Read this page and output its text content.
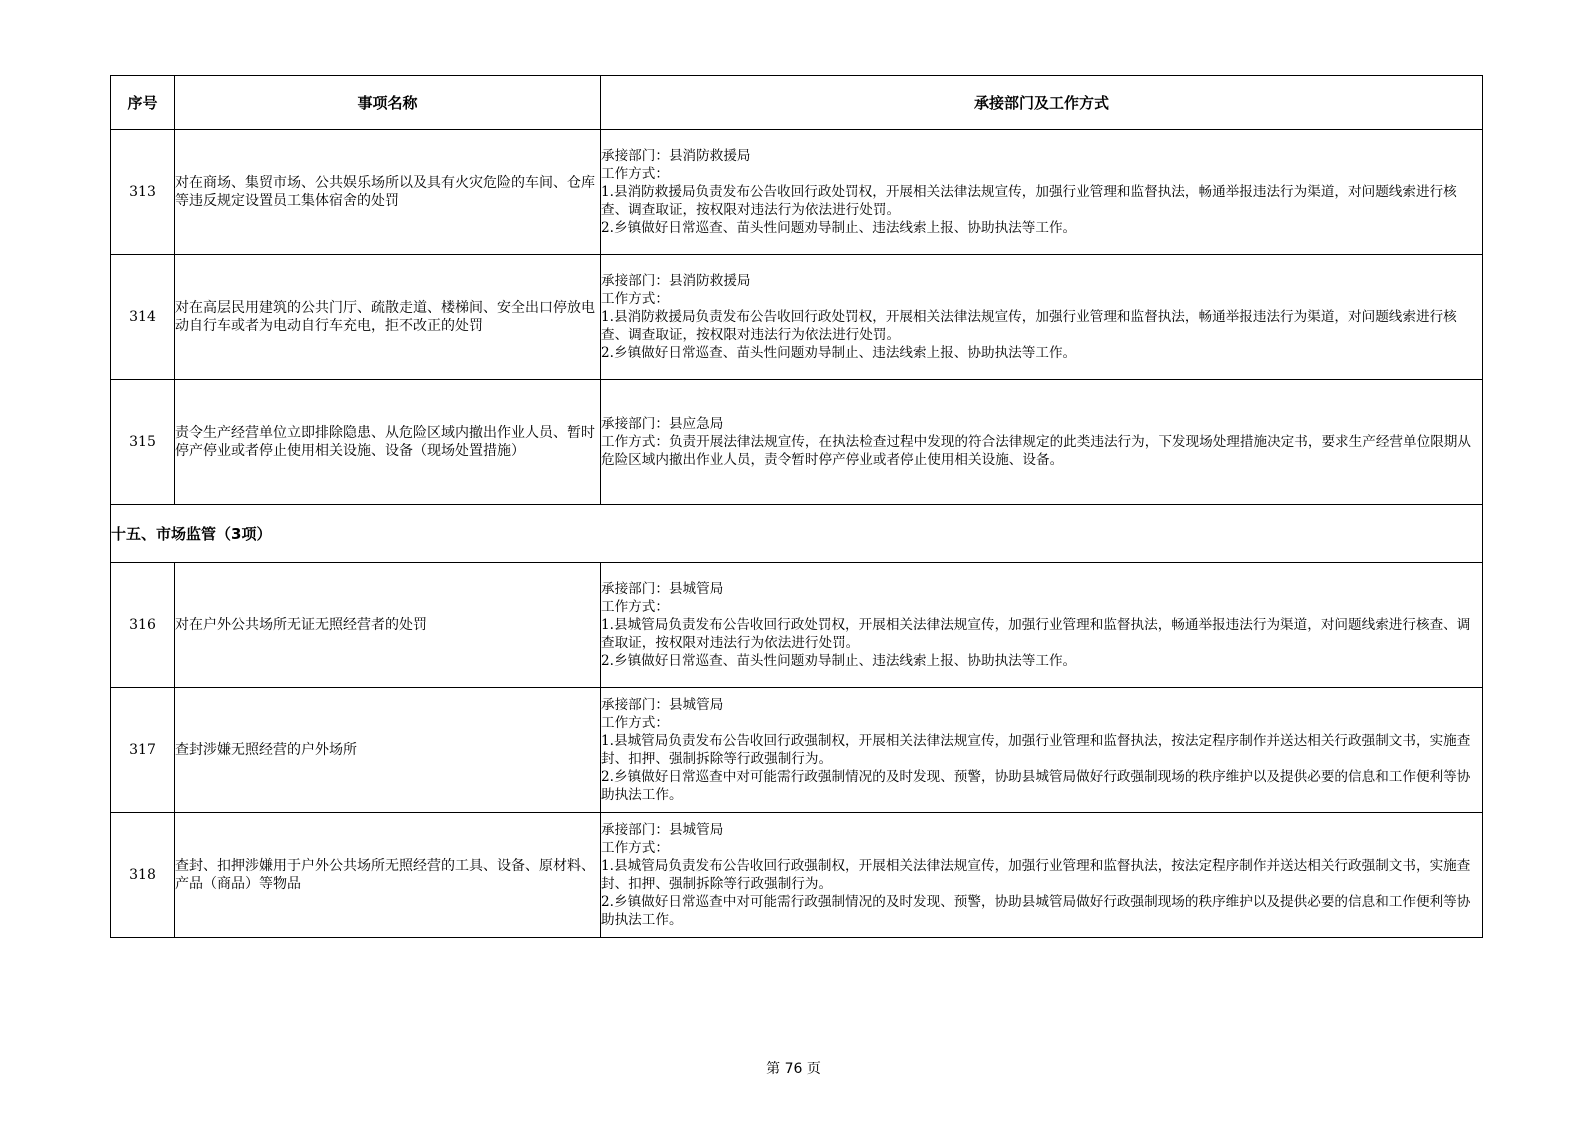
序号	事项名称	承接部门及工作方式
313	对在商场、集贸市场、公共娱乐场所以及具有火灾危险的车间、仓库等违反规定设置员工集体宿舍的处罚	承接部门：县消防救援局
工作方式：
1.县消防救援局负责发布公告收回行政处罚权，开展相关法律法规宣传，加强行业管理和监督执法，畅通举报违法行为渠道，对问题线索进行核查、调查取证，按权限对违法行为依法进行处罚。
2.乡镇做好日常巡查、苗头性问题劝导制止、违法线索上报、协助执法等工作。

314	对在高层民用建筑的公共门厅、疏散走道、楼梯间、安全出口停放电动自行车或者为电动自行车充电，拒不改正的处罚	承接部门：县消防救援局
工作方式：
1.县消防救援局负责发布公告收回行政处罚权，开展相关法律法规宣传，加强行业管理和监督执法，畅通举报违法行为渠道，对问题线索进行核查、调查取证，按权限对违法行为依法进行处罚。
2.乡镇做好日常巡查、苗头性问题劝导制止、违法线索上报、协助执法等工作。

315	责令生产经营单位立即排除隐患、从危险区域内撤出作业人员、暂时停产停业或者停止使用相关设施、设备（现场处置措施）	承接部门：县应急局
工作方式：负责开展法律法规宣传，在执法检查过程中发现的符合法律规定的此类违法行为，下发现场处理措施决定书，要求生产经营单位限期从危险区域内撤出作业人员，责令暂时停产停业或者停止使用相关设施、设备。

十五、市场监管（3项）		
316	对在户外公共场所无证无照经营者的处罚	承接部门：县城管局
工作方式：
1.县城管局负责发布公告收回行政处罚权，开展相关法律法规宣传，加强行业管理和监督执法，畅通举报违法行为渠道，对问题线索进行核查、调查取证，按权限对违法行为依法进行处罚。
2.乡镇做好日常巡查、苗头性问题劝导制止、违法线索上报、协助执法等工作。

317	查封涉嫌无照经营的户外场所	承接部门：县城管局
工作方式：
1.县城管局负责发布公告收回行政强制权，开展相关法律法规宣传，加强行业管理和监督执法，按法定程序制作并送达相关行政强制文书，实施查封、扣押、强制拆除等行政强制行为。
2.乡镇做好日常巡查中对可能需行政强制情况的及时发现、预警，协助县城管局做好行政强制现场的秩序维护以及提供必要的信息和工作便利等协助执法工作。

318	查封、扣押涉嫌用于户外公共场所无照经营的工具、设备、原材料、产品（商品）等物品	承接部门：县城管局
工作方式：
1.县城管局负责发布公告收回行政强制权，开展相关法律法规宣传，加强行业管理和监督执法，按法定程序制作并送达相关行政强制文书，实施查封、扣押、强制拆除等行政强制行为。
2.乡镇做好日常巡查中对可能需行政强制情况的及时发现、预警，协助县城管局做好行政强制现场的秩序维护以及提供必要的信息和工作便利等协助执法工作。
第 76 页
